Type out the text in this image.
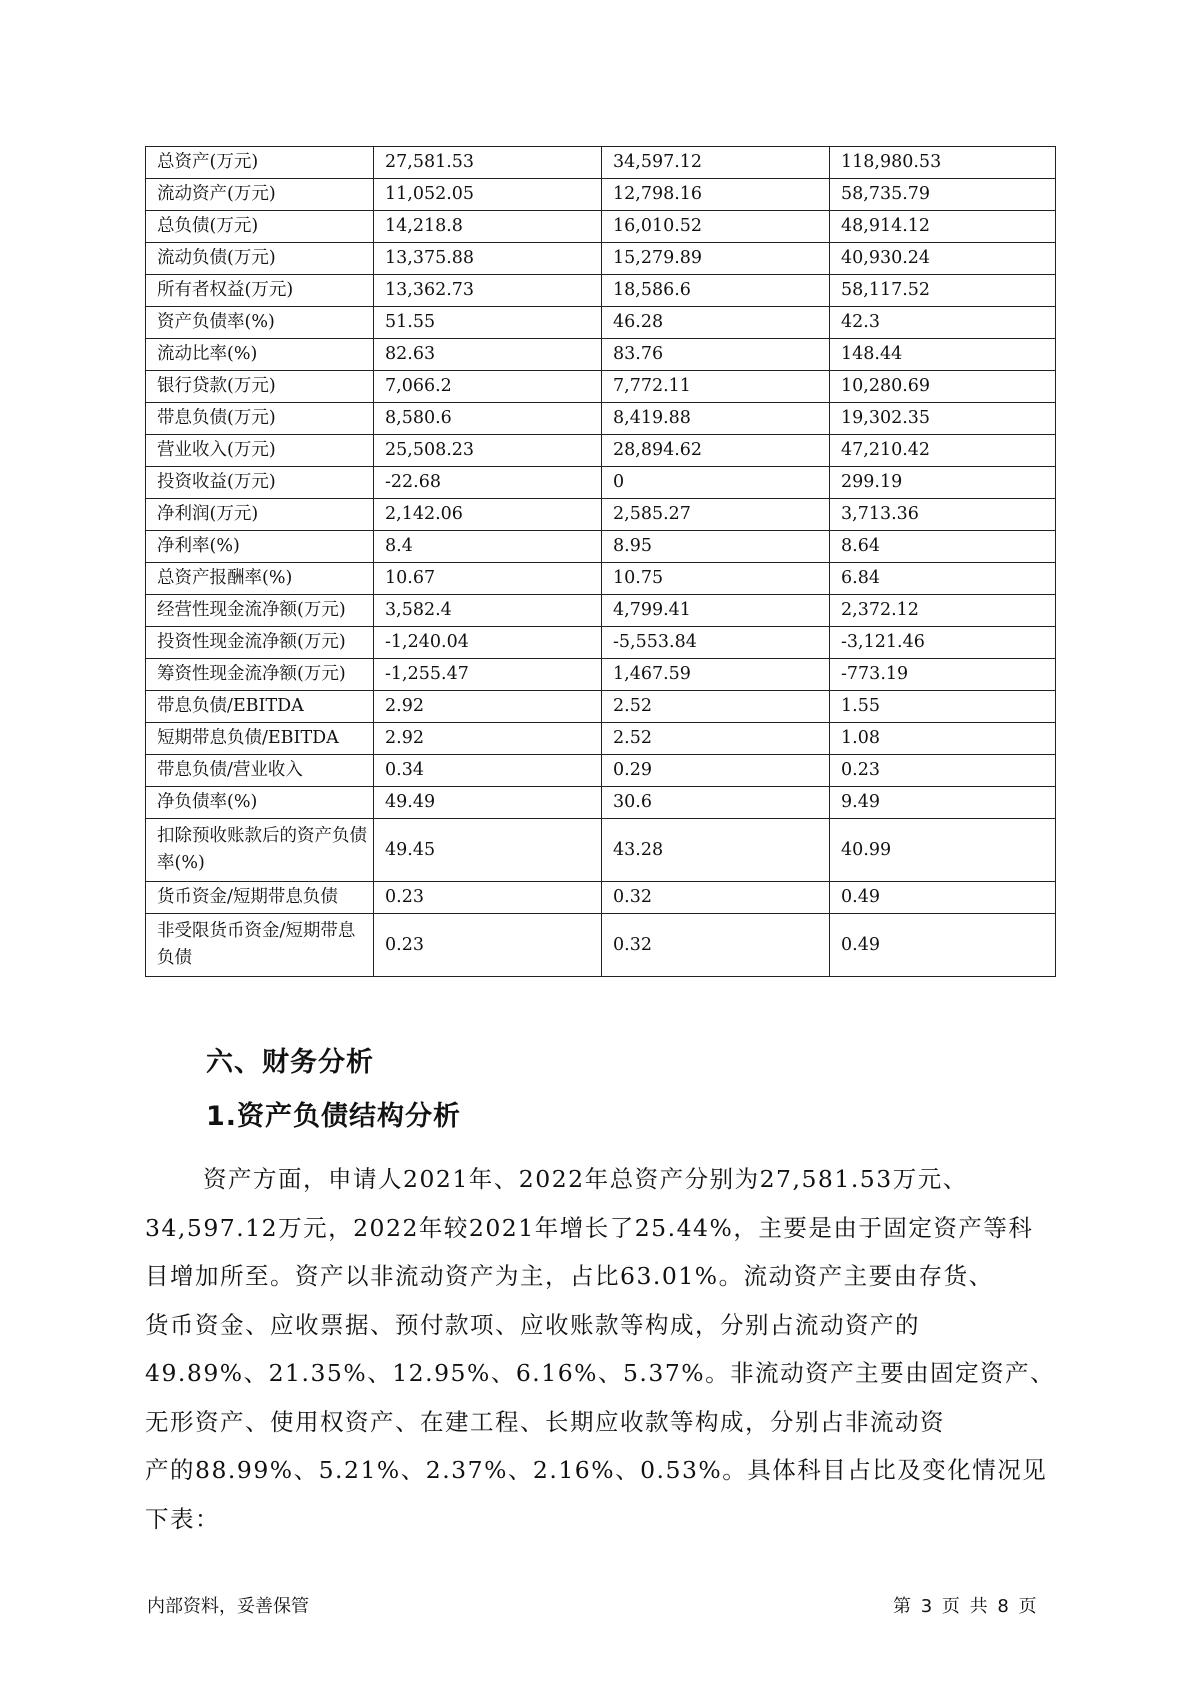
总资产(万元)	27,581.53	34,597.12	118,980.53
流动资产(万元)	11,052.05	12,798.16	58,735.79
总负债(万元)	14,218.8	16,010.52	48,914.12
流动负债(万元)	13,375.88	15,279.89	40,930.24
所有者权益(万元)	13,362.73	18,586.6	58,117.52
资产负债率(%)	51.55	46.28	42.3
流动比率(%)	82.63	83.76	148.44
银行贷款(万元)	7,066.2	7,772.11	10,280.69
带息负债(万元)	8,580.6	8,419.88	19,302.35
营业收入(万元)	25,508.23	28,894.62	47,210.42
投资收益(万元)	-22.68	0	299.19
净利润(万元)	2,142.06	2,585.27	3,713.36
净利率(%)	8.4	8.95	8.64
总资产报酬率(%)	10.67	10.75	6.84
经营性现金流净额(万元)	3,582.4	4,799.41	2,372.12
投资性现金流净额(万元)	-1,240.04	-5,553.84	-3,121.46
筹资性现金流净额(万元)	-1,255.47	1,467.59	-773.19
带息负债/EBITDA	2.92	2.52	1.55
短期带息负债/EBITDA	2.92	2.52	1.08
带息负债/营业收入	0.34	0.29	0.23
净负债率(%)	49.49	30.6	9.49
扣除预收账款后的资产负债率(%)	49.45	43.28	40.99
货币资金/短期带息负债	0.23	0.32	0.49
非受限货币资金/短期带息负债	0.23	0.32	0.49
六、财务分析
1.资产负债结构分析
资产方面，申请人2021年、2022年总资产分别为27,581.53万元、
34,597.12万元，2022年较2021年增长了25.44%，主要是由于固定资产等科
目增加所至。资产以非流动资产为主，占比63.01%。流动资产主要由存货、
货币资金、应收票据、预付款项、应收账款等构成，分别占流动资产的
49.89%、21.35%、12.95%、6.16%、5.37%。非流动资产主要由固定资产、
无形资产、使用权资产、在建工程、长期应收款等构成，分别占非流动资
产的88.99%、5.21%、2.37%、2.16%、0.53%。具体科目占比及变化情况见
下表：
内部资料，妥善保管	第 3 页 共 8 页
